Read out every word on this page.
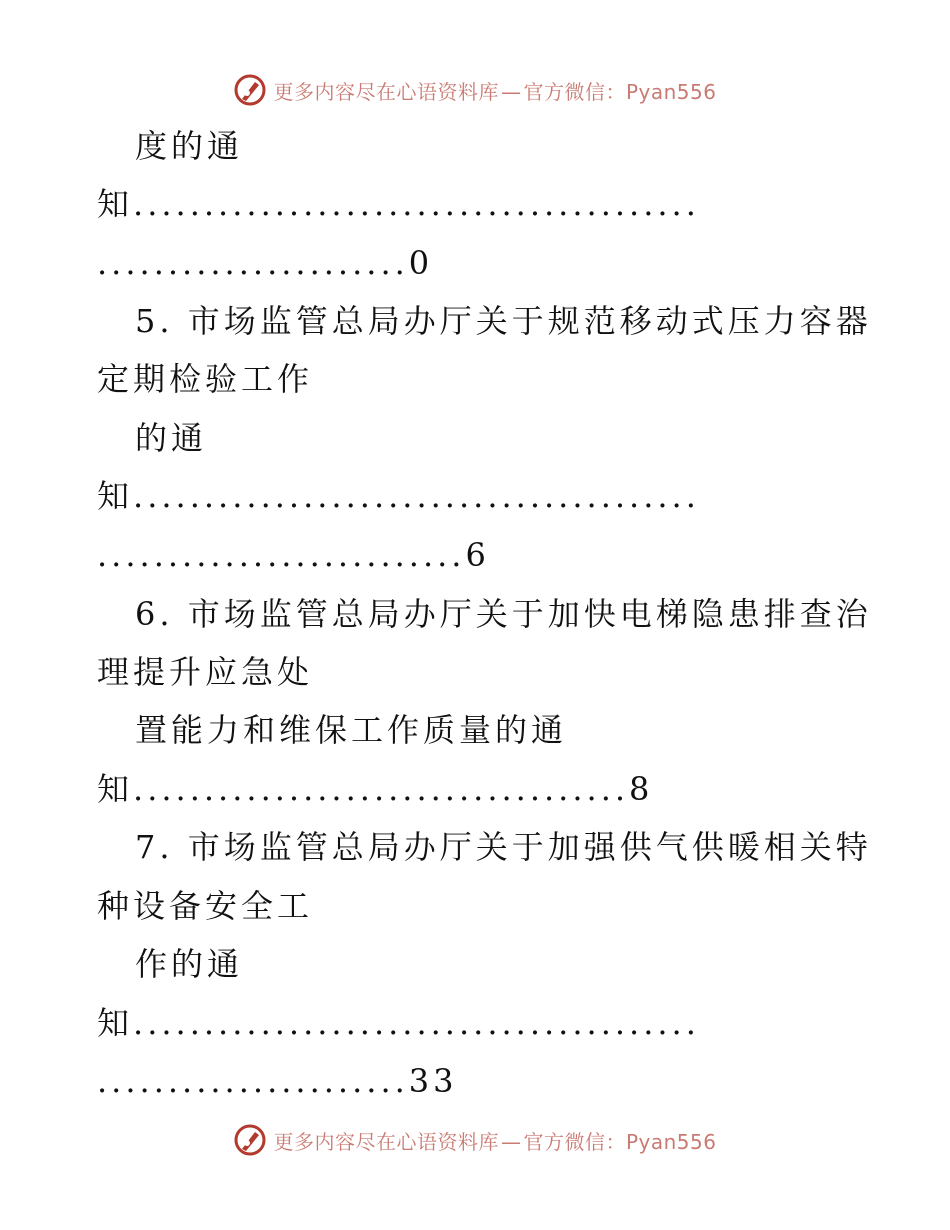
更多内容尽在心语资料库 — 官方微信：Pyan556
度的通
知........................................
......................0
5. 市场监管总局办厅关于规范移动式压力容器
定期检验工作
的通
知........................................
..........................6
6. 市场监管总局办厅关于加快电梯隐患排查治
理提升应急处
置能力和维保工作质量的通
知...................................8
7. 市场监管总局办厅关于加强供气供暖相关特
种设备安全工
作的通
知........................................
......................33
更多内容尽在心语资料库 — 官方微信：Pyan556
